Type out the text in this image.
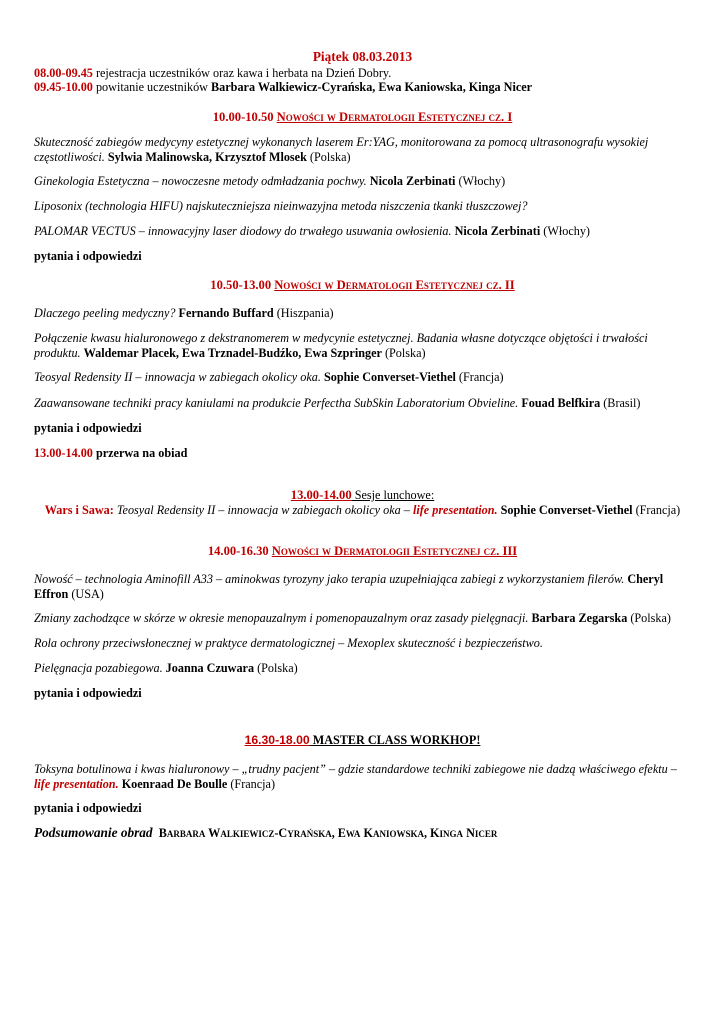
Piątek 08.03.2013
08.00-09.45 rejestracja uczestników oraz kawa i herbata na Dzień Dobry.
09.45-10.00 powitanie uczestników Barbara Walkiewicz-Cyrańska, Ewa Kaniowska, Kinga Nicer
10.00-10.50 Nowości w Dermatologii Estetycznej cz. I
Skuteczność zabiegów medycyny estetycznej wykonanych laserem Er:YAG, monitorowana za pomocą ultrasonografu wysokiej częstotliwości. Sylwia Malinowska, Krzysztof Mlosek (Polska)
Ginekologia Estetyczna – nowoczesne metody odmładzania pochwy. Nicola Zerbinati (Włochy)
Liposonix (technologia HIFU) najskuteczniejsza nieinwazyjna metoda niszczenia tkanki tłuszczowej?
PALOMAR VECTUS – innowacyjny laser diodowy do trwałego usuwania owłosienia. Nicola Zerbinati (Włochy)
pytania i odpowiedzi
10.50-13.00 Nowości w Dermatologii Estetycznej cz. II
Dlaczego peeling medyczny? Fernando Buffard (Hiszpania)
Połączenie kwasu hialuronowego z dekstranomerem w medycynie estetycznej. Badania własne dotyczące objętości i trwałości produktu. Waldemar Placek, Ewa Trznadel-Budźko, Ewa Szpringer (Polska)
Teosyal Redensity II – innowacja w zabiegach okolicy oka. Sophie Converset-Viethel (Francja)
Zaawansowane techniki pracy kaniulami na produkcie Perfectha SubSkin Laboratorium Obvieline. Fouad Belfkira (Brasil)
pytania i odpowiedzi
13.00-14.00 przerwa na obiad
13.00-14.00 Sesje lunchowe:
Wars i Sawa: Teosyal Redensity II – innowacja w zabiegach okolicy oka – life presentation. Sophie Converset-Viethel (Francja)
14.00-16.30 Nowości w Dermatologii Estetycznej cz. III
Nowość – technologia Aminofill A33 – aminokwas tyrozyny jako terapia uzupełniająca zabiegi z wykorzystaniem filerów. Cheryl Effron (USA)
Zmiany zachodzące w skórze w okresie menopauzalnym i pomenopauzalnym oraz zasady pielęgnacji. Barbara Zegarska (Polska)
Rola ochrony przeciwsłonecznej w praktyce dermatologicznej – Mexoplex skuteczność i bezpieczeństwo.
Pielęgnacja pozabiegowa. Joanna Czuwara (Polska)
pytania i odpowiedzi
16.30-18.00 MASTER CLASS WORKHOP!
Toksyna botulinowa i kwas hialuronowy – „trudny pacjent” – gdzie standardowe techniki zabiegowe nie dadzą właściwego efektu – life presentation. Koenraad De Boulle (Francja)
pytania i odpowiedzi
Podsumowanie obrad Barbara Walkiewicz-Cyrańska, Ewa Kaniowska, Kinga Nicer
